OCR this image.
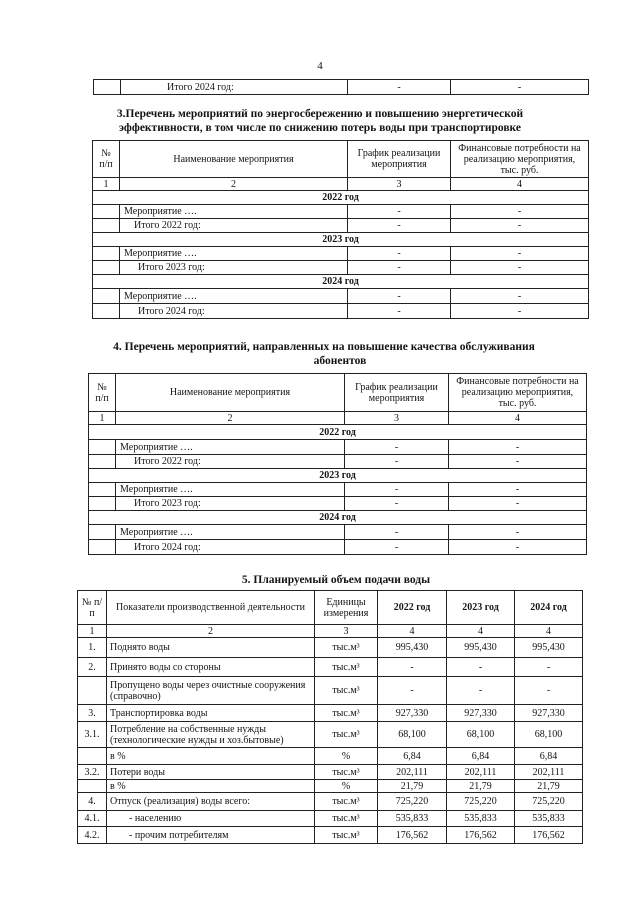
4
	Итого 2024 год:	-	-
3.Перечень мероприятий по энергосбережению и повышению энергетической
эффективности, в том числе по снижению потерь воды при транспортировке
№ п/п	Наименование мероприятия	График реализации мероприятия	Финансовые потребности на реализацию мероприятия, тыс. руб.
1	2	3	4
2022 год			
	Мероприятие ….	-	-
	Итого 2022 год:	-	-
2023 год			
	Мероприятие ….	-	-
	Итого 2023 год:	-	-
2024 год			
	Мероприятие ….	-	-
	Итого 2024 год:	-	-
4. Перечень мероприятий, направленных на повышение качества обслуживания
абонентов
№ п/п	Наименование мероприятия	График реализации мероприятия	Финансовые потребности на реализацию мероприятия, тыс. руб.
1	2	3	4
2022 год			
	Мероприятие ….	-	-
	Итого 2022 год:	-	-
2023 год			
	Мероприятие ….	-	-
	Итого 2023 год:	-	-
2024 год			
	Мероприятие ….	-	-
	Итого 2024 год:	-	-
5. Планируемый объем подачи воды
№ п/п	Показатели производственной деятельности	Единицы измерения	2022 год	2023 год	2024 год
1	2	3	4	4	4
1.	Поднято воды	тыс.м³	995,430	995,430	995,430
2.	Принято воды со стороны	тыс.м³	-	-	-
	Пропущено воды через очистные сооружения (справочно)	тыс.м³	-	-	-
3.	Транспортировка воды	тыс.м³	927,330	927,330	927,330
3.1.	Потребление на собственные нужды (технологические нужды и хоз.бытовые)	тыс.м³	68,100	68,100	68,100
	в %	%	6,84	6,84	6,84
3.2.	Потери воды	тыс.м³	202,111	202,111	202,111
	в %	%	21,79	21,79	21,79
4.	Отпуск (реализация) воды всего:	тыс.м³	725,220	725,220	725,220
4.1.	- населению	тыс.м³	535,833	535,833	535,833
4.2.	- прочим потребителям	тыс.м³	176,562	176,562	176,562
